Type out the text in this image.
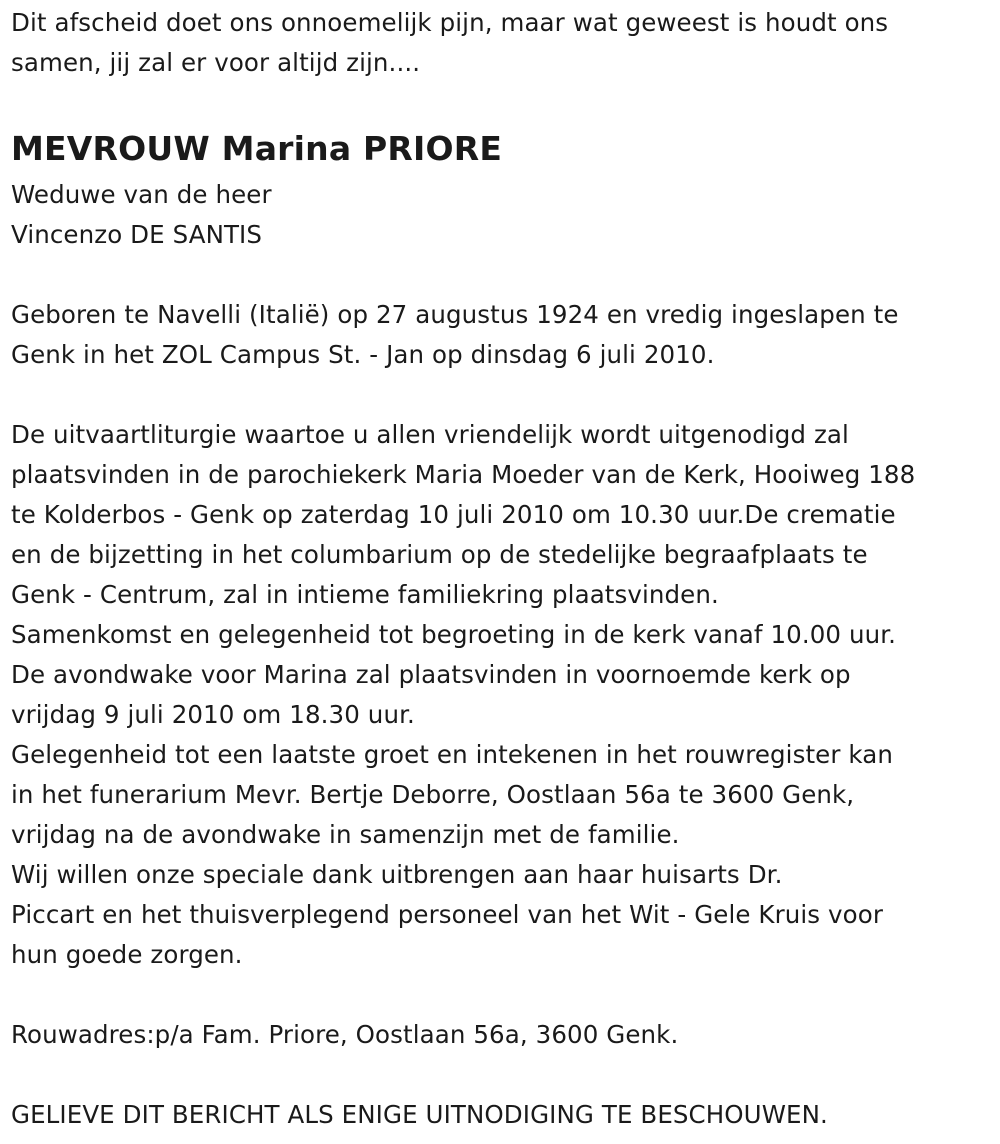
Dit afscheid doet ons onnoemelijk pijn, maar wat geweest is houdt ons
samen, jij zal er voor altijd zijn....
MEVROUW Marina PRIORE
Weduwe van de heer
Vincenzo DE SANTIS
Geboren te Navelli (Italië) op 27 augustus 1924 en vredig ingeslapen te
Genk in het ZOL Campus St. - Jan op dinsdag 6 juli 2010.
De uitvaartliturgie waartoe u allen vriendelijk wordt uitgenodigd zal
plaatsvinden in de parochiekerk Maria Moeder van de Kerk, Hooiweg 188
te Kolderbos - Genk op zaterdag 10 juli 2010 om 10.30 uur.De crematie
en de bijzetting in het columbarium op de stedelijke begraafplaats te
Genk - Centrum, zal in intieme familiekring plaatsvinden.
Samenkomst en gelegenheid tot begroeting in de kerk vanaf 10.00 uur.
De avondwake voor Marina zal plaatsvinden in voornoemde kerk op
vrijdag 9 juli 2010 om 18.30 uur.
Gelegenheid tot een laatste groet en intekenen in het rouwregister kan
in het funerarium Mevr. Bertje Deborre, Oostlaan 56a te 3600 Genk,
vrijdag na de avondwake in samenzijn met de familie.
Wij willen onze speciale dank uitbrengen aan haar huisarts Dr.
Piccart en het thuisverplegend personeel van het Wit - Gele Kruis voor
hun goede zorgen.
Rouwadres:p/a Fam. Priore, Oostlaan 56a, 3600 Genk.
GELIEVE DIT BERICHT ALS ENIGE UITNODIGING TE BESCHOUWEN.
